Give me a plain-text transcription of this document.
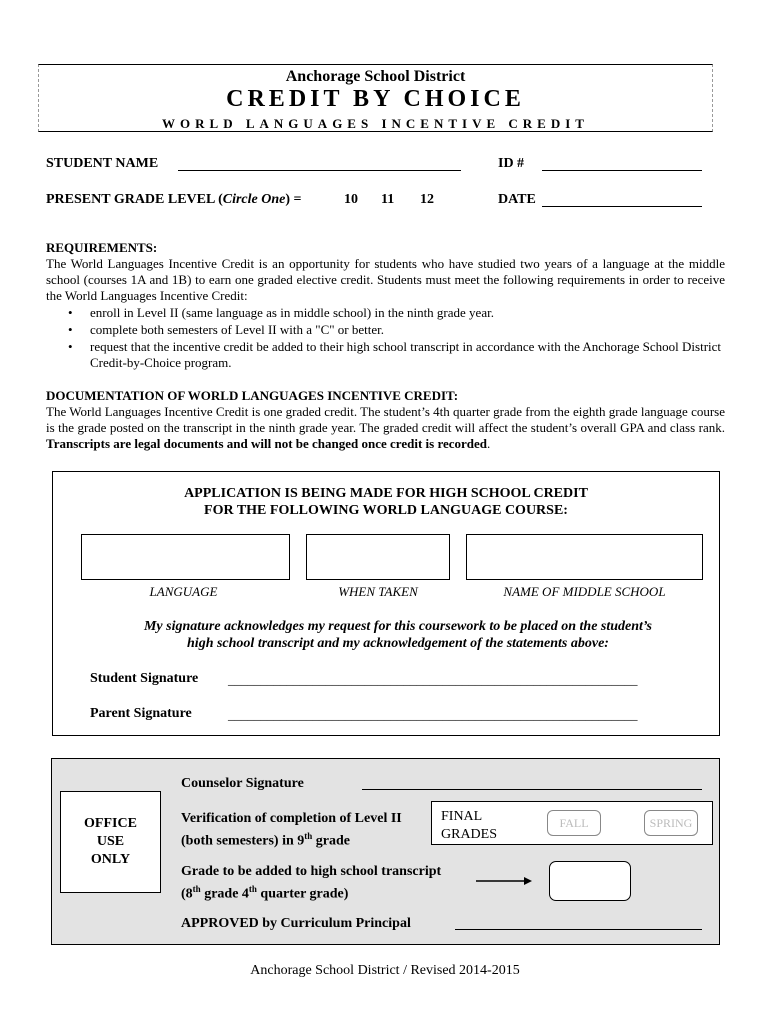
Anchorage School District
CREDIT BY CHOICE
WORLD LANGUAGES INCENTIVE CREDIT
STUDENT NAME	ID #
PRESENT GRADE LEVEL (Circle One) =	10 11 12	DATE
REQUIREMENTS:
The World Languages Incentive Credit is an opportunity for students who have studied two years of a language at the middle school (courses 1A and 1B) to earn one graded elective credit. Students must meet the following requirements in order to receive the World Languages Incentive Credit:
• enroll in Level II (same language as in middle school) in the ninth grade year.
• complete both semesters of Level II with a "C" or better.
• request that the incentive credit be added to their high school transcript in accordance with the Anchorage School District Credit-by-Choice program.
DOCUMENTATION OF WORLD LANGUAGES INCENTIVE CREDIT:
The World Languages Incentive Credit is one graded credit. The student’s 4th quarter grade from the eighth grade language course is the grade posted on the transcript in the ninth grade year. The graded credit will affect the student’s overall GPA and class rank. Transcripts are legal documents and will not be changed once credit is recorded.
APPLICATION IS BEING MADE FOR HIGH SCHOOL CREDIT
FOR THE FOLLOWING WORLD LANGUAGE COURSE:
LANGUAGE	WHEN TAKEN	NAME OF MIDDLE SCHOOL
My signature acknowledges my request for this coursework to be placed on the student’s
high school transcript and my acknowledgement of the statements above:
Student Signature _______________________________________________________________
Parent Signature	_______________________________________________________________
OFFICE
USE
ONLY
Counselor Signature
Verification of completion of Level II
(both semesters) in 9th grade
FINAL
GRADES
FALL	SPRING
Grade to be added to high school transcript
(8th grade 4th quarter grade)
APPROVED by Curriculum Principal
Anchorage School District / Revised 2014-2015
